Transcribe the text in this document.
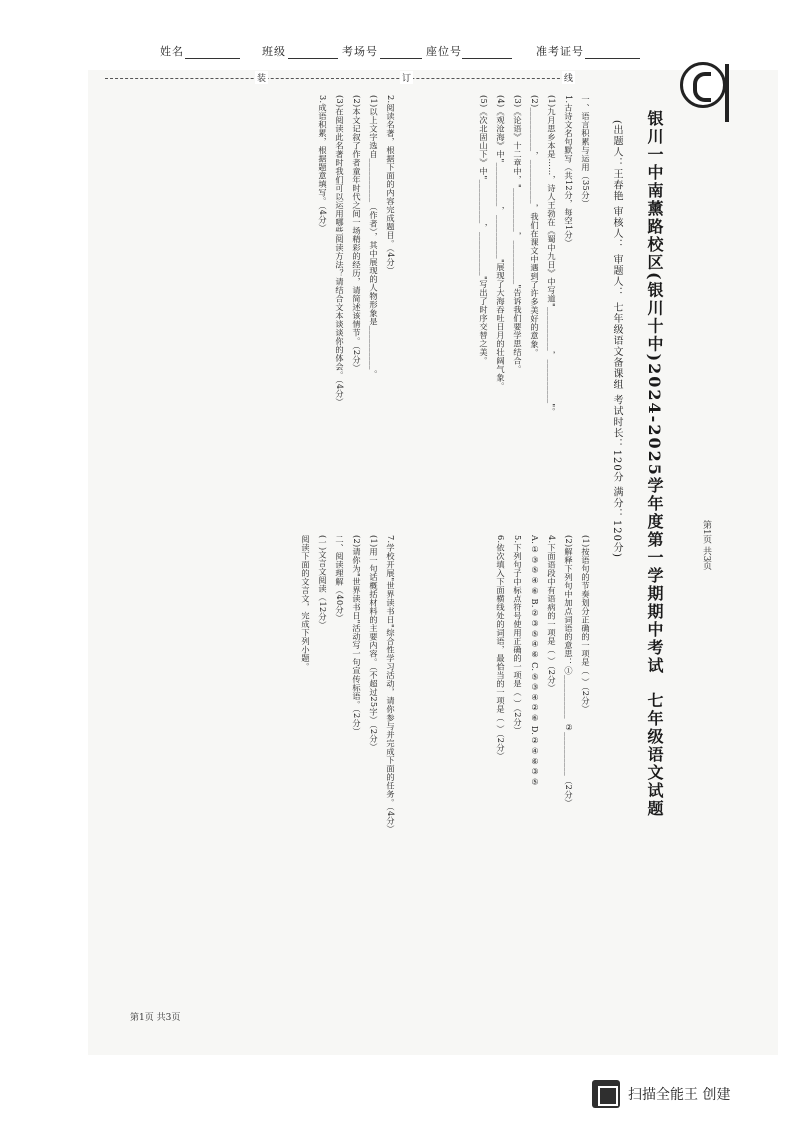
姓名	班级	考场号	座位号	准考证号
装	订	线
银川一中南薰路校区(银川十中)2024-2025学年度第一学期期中考试 七年级语文试题
(出题人：王春艳 审核人： 审题人： 七年级语文备课组 考试时长：120分 满分：120分)
一、语言积累与运用（35分）
1.古诗文名句默写（共12分，每空1分）
(1)九月思乡本是……，诗人王勃在《蜀中九日》中写道"__________，__________"。
(2)__________，__________，我们在课文中遇到了许多美好的意象。
(3)《论语》十二章中，"__________，__________"告诉我们要学思结合。
(4)《观沧海》中"__________，__________"展现了大海吞吐日月的壮阔气象。
(5)《次北固山下》中"__________，__________"写出了时序交替之美。
2.阅读名著，根据下面的内容完成题目。（4分）
(1)以上文字选自__________（作者），其中展现的人物形象是__________。
(2)本文记叙了作者童年时代之间一场精彩的经历，请简述该情节。（2分）
(3)在阅读此名著时我们可以运用哪些阅读方法？请结合文本谈谈你的体会。（4分）
3.成语积累，根据题意填写。（4分）
(1)按语句的节奏划分正确的一项是（ ）（2分）
(2)解释下列句中加点词语的意思：①__________ ②__________（2分）
4.下面语段中有语病的一项是（ ）（2分）
A.①③⑤④⑥ B.②③⑤④⑥ C.⑤③④②⑥ D.②④⑥③⑤
5.下列句子中标点符号使用正确的一项是（ ）（2分）
6.依次填入下面横线处的词语，最恰当的一项是（ ）（2分）
7.学校开展"世界读书日"综合性学习活动，请你参与并完成下面的任务。（4分）
(1)用一句话概括材料的主要内容。（不超过25字）（2分）
(2)请你为"世界读书日"活动写一句宣传标语。（2分）
二、阅读理解（40分）
(一)文言文阅读（12分）
阅读下面的文言文，完成下列小题。	第1页 共3页
第1页 共3页
扫描全能王 创建
